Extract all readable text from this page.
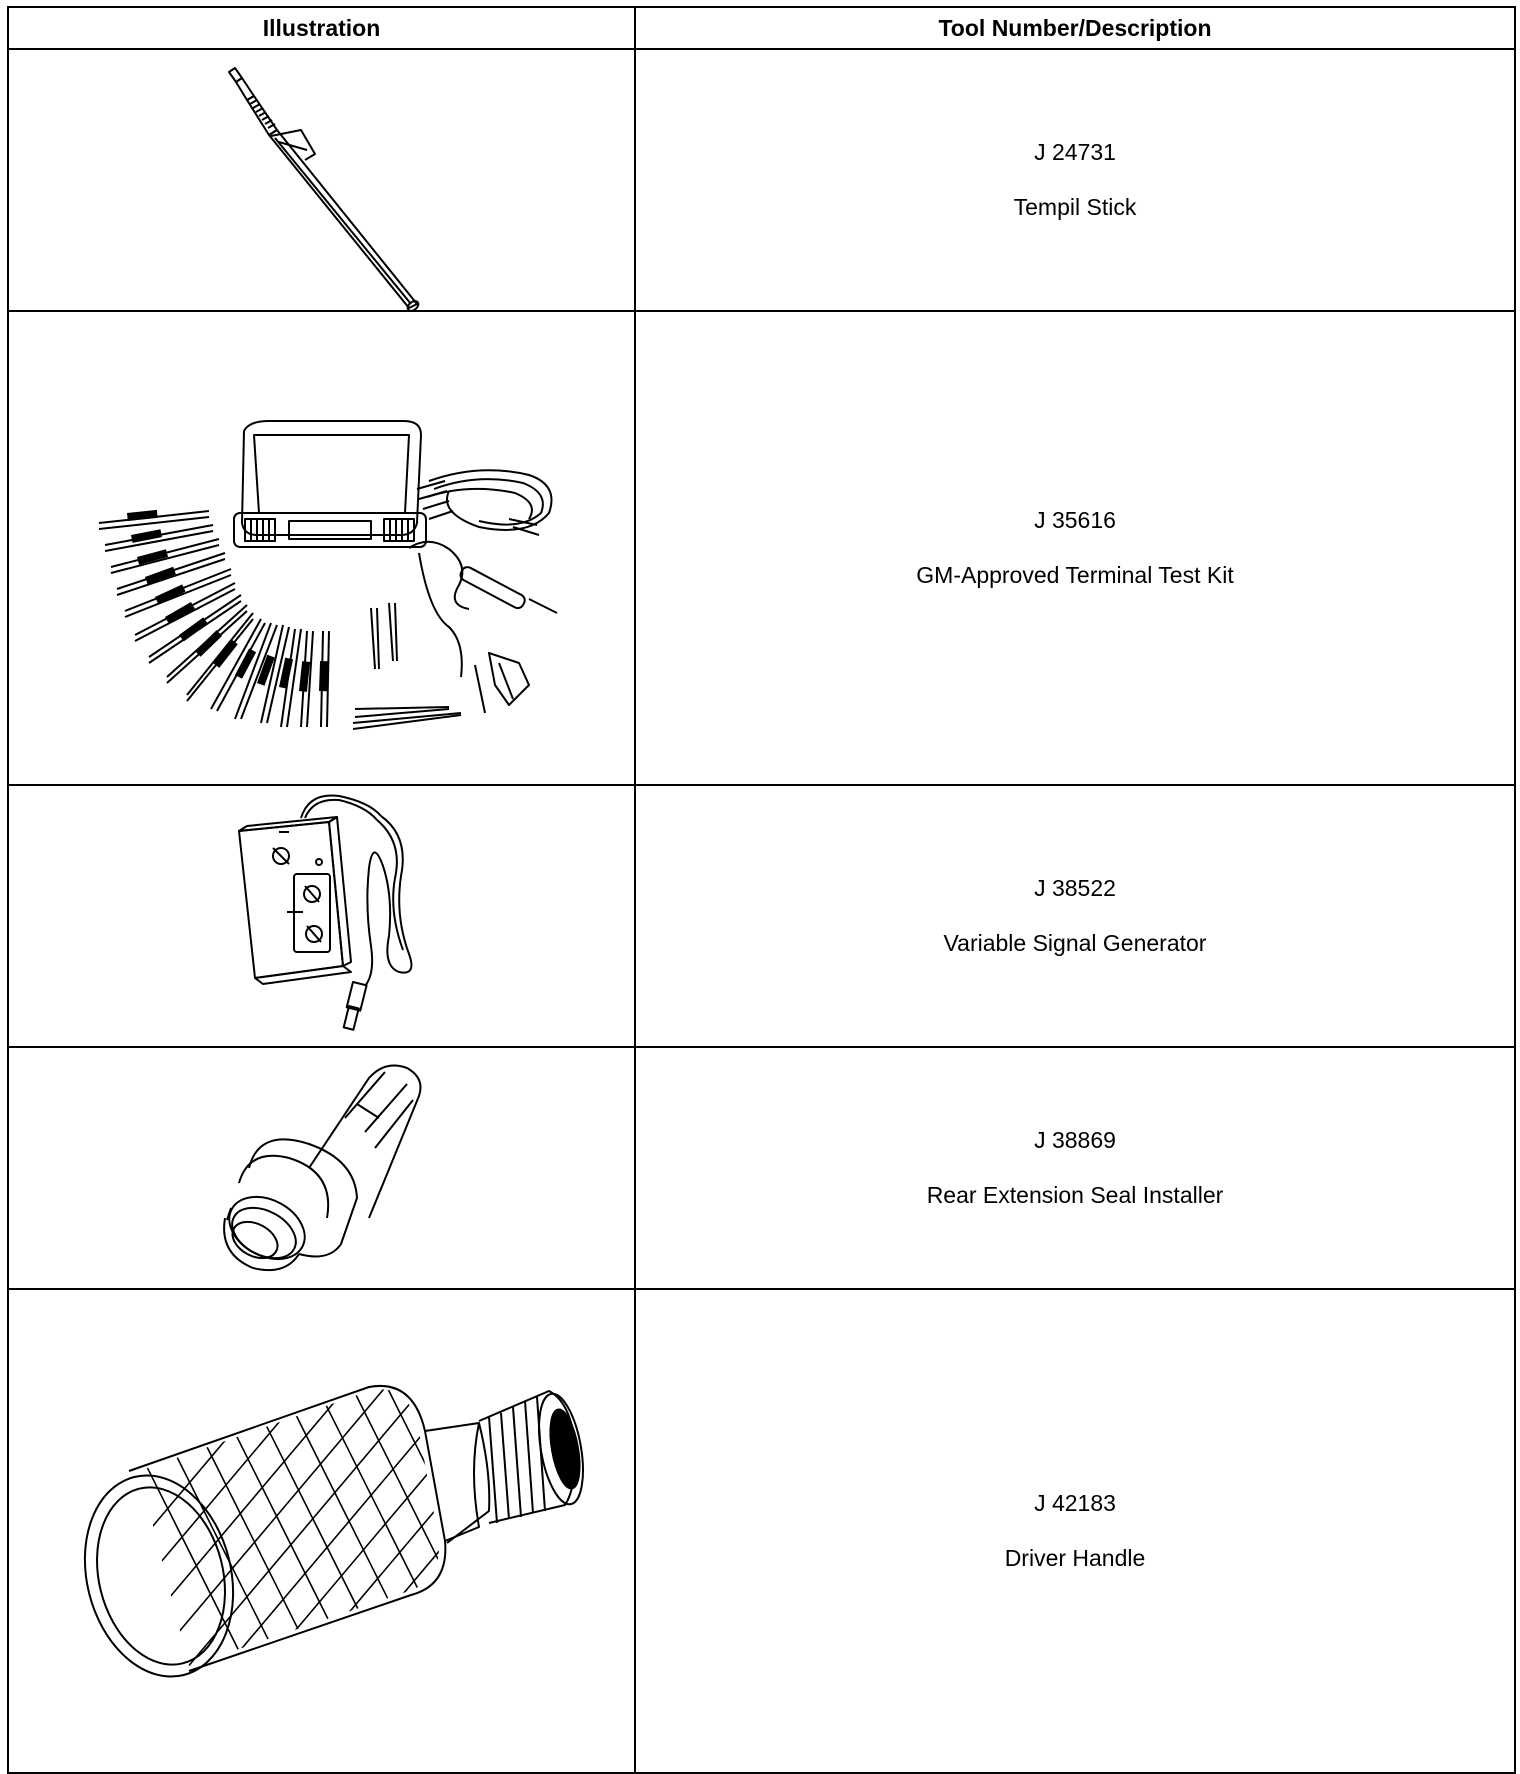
Illustration	Tool Number/Description

J 24731
Tempil Stick

J 35616
GM-Approved Terminal Test Kit

J 38522
Variable Signal Generator

J 38869
Rear Extension Seal Installer

J 42183
Driver Handle
